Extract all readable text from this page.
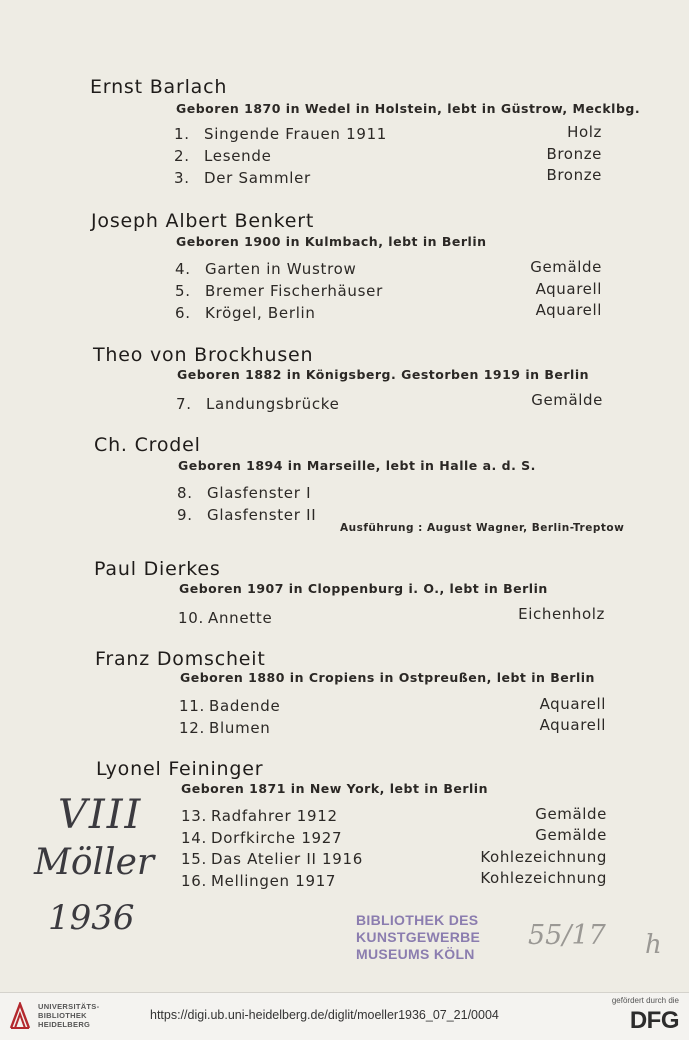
Ernst Barlach
Geboren 1870 in Wedel in Holstein, lebt in Güstrow, Mecklbg.
1. Singende Frauen 1911	Holz
2. Lesende	Bronze
3. Der Sammler	Bronze
Joseph Albert Benkert
Geboren 1900 in Kulmbach, lebt in Berlin
4. Garten in Wustrow	Gemälde
5. Bremer Fischerhäuser	Aquarell
6. Krögel, Berlin	Aquarell
Theo von Brockhusen
Geboren 1882 in Königsberg. Gestorben 1919 in Berlin
7. Landungsbrücke	Gemälde
Ch. Crodel
Geboren 1894 in Marseille, lebt in Halle a. d. S.
8. Glasfenster I
9. Glasfenster II
Ausführung : August Wagner, Berlin-Treptow
Paul Dierkes
Geboren 1907 in Cloppenburg i. O., lebt in Berlin
10. Annette	Eichenholz
Franz Domscheit
Geboren 1880 in Cropiens in Ostpreußen, lebt in Berlin
11. Badende	Aquarell
12. Blumen	Aquarell
Lyonel Feininger
Geboren 1871 in New York, lebt in Berlin
13. Radfahrer 1912	Gemälde
14. Dorfkirche 1927	Gemälde
15. Das Atelier II 1916	Kohlezeichnung
16. Mellingen 1917	Kohlezeichnung
VIII
Möller
1936	BIBLIOTHEK DES
KUNSTGEWERBE
MUSEUMS KÖLN
55/17 h
UNIVERSITÄTS-
BIBLIOTHEK
HEIDELBERG
https://digi.ub.uni-heidelberg.de/diglit/moeller1936_07_21/0004
gefördert durch die
DFG
